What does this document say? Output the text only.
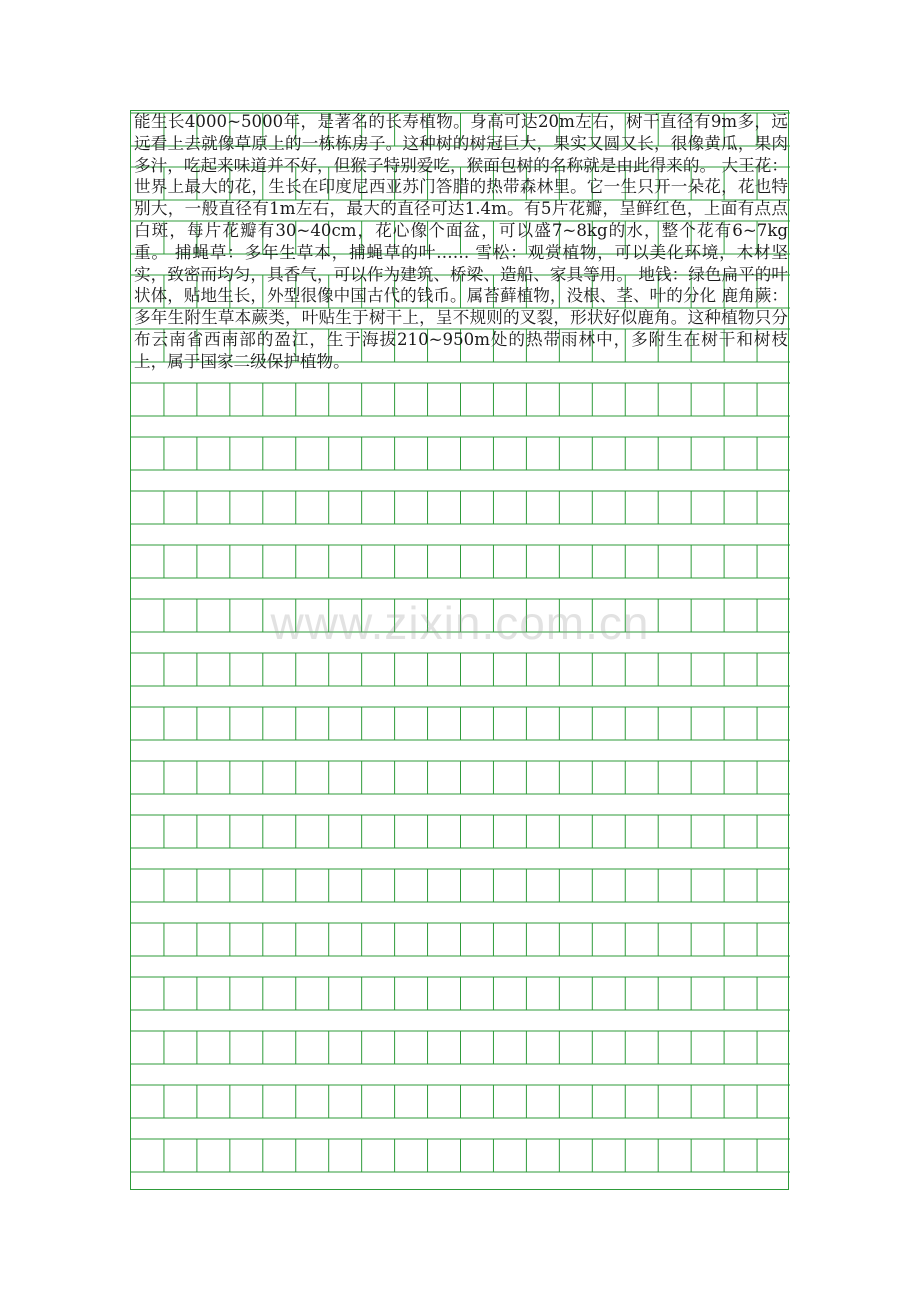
能生长4000~5000年，是著名的长寿植物。身高可达20m左右，树干直径有9m多，远远看上去就像草原上的一栋栋房子。这种树的树冠巨大，果实又圆又长，很像黄瓜，果肉多汁，吃起来味道并不好，但猴子特别爱吃，猴面包树的名称就是由此得来的。 大王花：世界上最大的花，生长在印度尼西亚苏门答腊的热带森林里。它一生只开一朵花，花也特别大，一般直径有1m左右，最大的直径可达1.4m。有5片花瓣，呈鲜红色，上面有点点白斑，每片花瓣有30~40cm，花心像个面盆，可以盛7~8kg的水，整个花有6~7kg重。 捕蝇草：多年生草本，捕蝇草的叶…… 雪松：观赏植物，可以美化环境，木材坚实，致密而均匀，具香气，可以作为建筑、桥梁、造船、家具等用。 地钱：绿色扁平的叶状体，贴地生长，外型很像中国古代的钱币。属苔藓植物，没根、茎、叶的分化 鹿角蕨：多年生附生草本蕨类，叶贴生于树干上，呈不规则的叉裂，形状好似鹿角。这种植物只分布云南省西南部的盈江，生于海拔210~950m处的热带雨林中，多附生在树干和树枝上，属于国家二级保护植物。

www.zixin.com.cn
